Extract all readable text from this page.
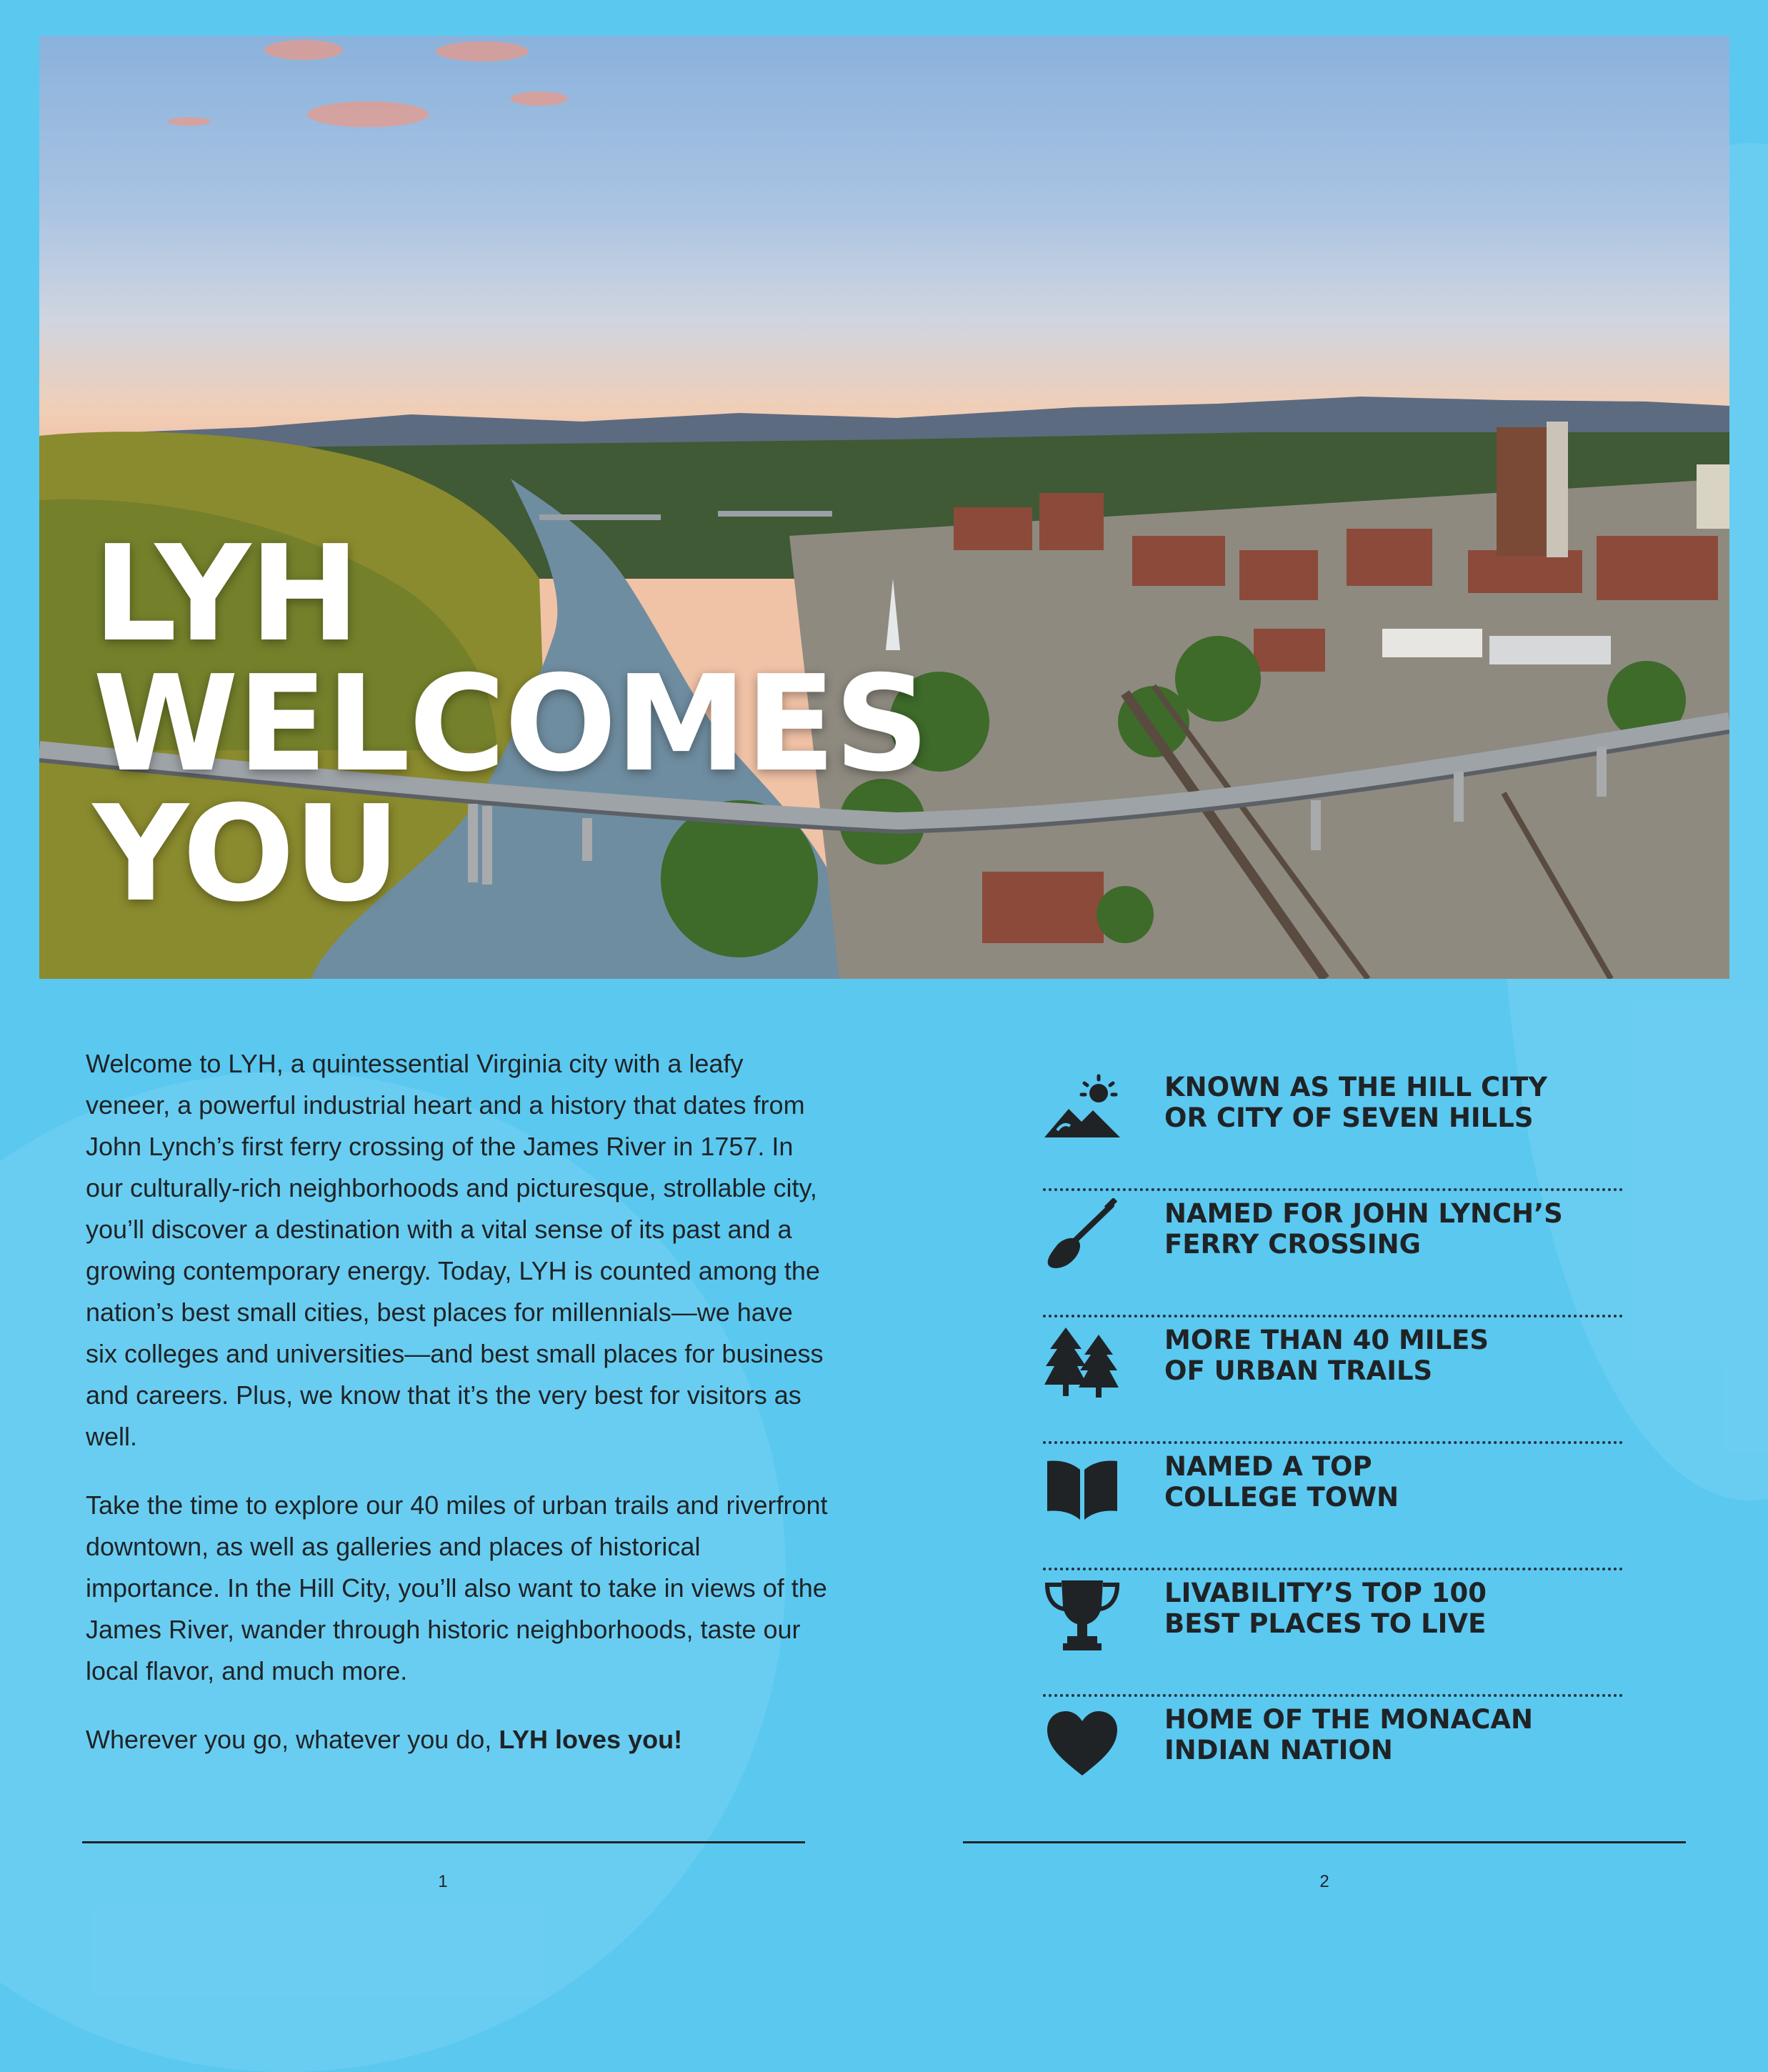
LYH
WELCOMES
YOU

Welcome to LYH, a quintessential Virginia city with a leafy veneer, a powerful industrial heart and a history that dates from John Lynch’s first ferry crossing of the James River in 1757. In our culturally-rich neighborhoods and picturesque, strollable city, you’ll discover a destination with a vital sense of its past and a growing contemporary energy. Today, LYH is counted among the nation’s best small cities, best places for millennials—we have six colleges and universities—and best small places for business and careers. Plus, we know that it’s the very best for visitors as well.

Take the time to explore our 40 miles of urban trails and riverfront downtown, as well as galleries and places of historical importance. In the Hill City, you’ll also want to take in views of the James River, wander through historic neighborhoods, taste our local flavor, and much more.

Wherever you go, whatever you do, LYH loves you!

KNOWN AS THE HILL CITY
OR CITY OF SEVEN HILLS
NAMED FOR JOHN LYNCH’S
FERRY CROSSING
MORE THAN 40 MILES
OF URBAN TRAILS
NAMED A TOP
COLLEGE TOWN
LIVABILITY’S TOP 100
BEST PLACES TO LIVE
HOME OF THE MONACAN
INDIAN NATION
1	2
